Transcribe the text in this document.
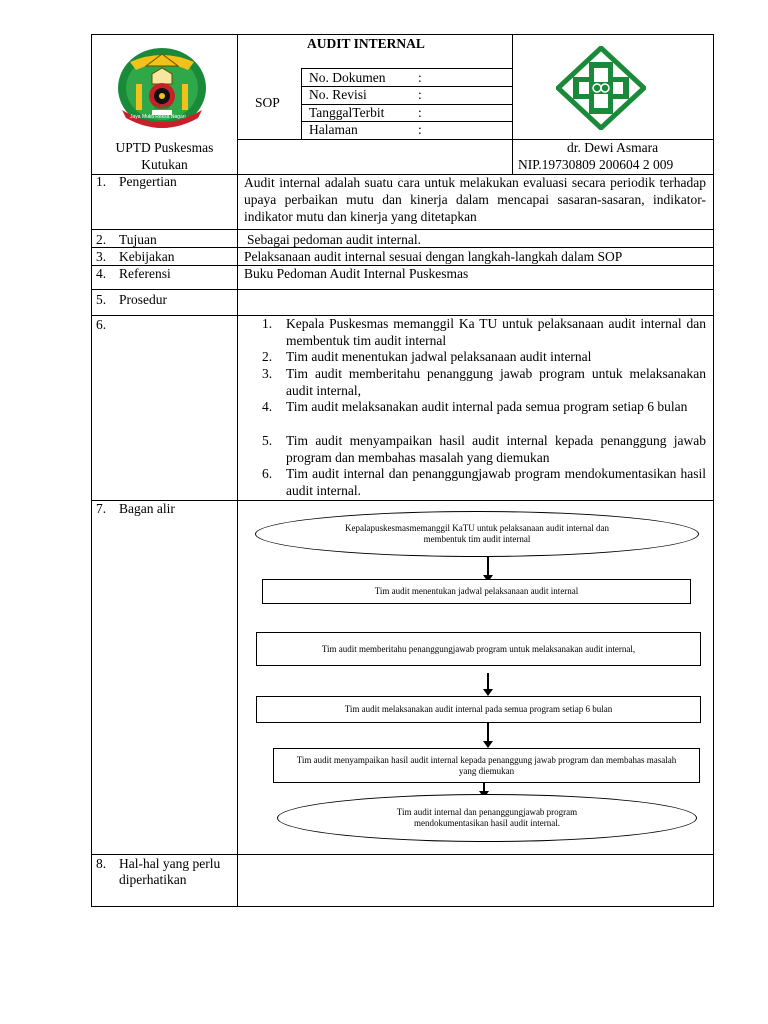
BLORA
Jaya Mukti Reksa Nagari
AUDIT INTERNAL
SOP
No. Dokumen :
No. Revisi	:
TanggalTerbit :
Halaman	:
UPTD Puskesmas
Kutukan
dr. Dewi Asmara
NIP.19730809 200604 2 009
1. Pengertian	Audit internal adalah suatu cara untuk melakukan evaluasi secara periodik terhadap upaya perbaikan mutu dan kinerja dalam mencapai sasaran-sasaran, indikator-indikator mutu dan kinerja yang ditetapkan
2. Tujuan	Sebagai pedoman audit internal.
3. Kebijakan	Pelaksanaan audit internal sesuai dengan langkah-langkah dalam SOP
4. Referensi	Buku Pedoman Audit Internal Puskesmas
5. Prosedur
6.	1. Kepala Puskesmas memanggil Ka TU untuk pelaksanaan audit internal dan membentuk tim audit internal
2. Tim audit menentukan jadwal pelaksanaan audit internal
3. Tim audit memberitahu penanggung jawab program untuk melaksanakan audit internal,
4. Tim audit melaksanakan audit internal pada semua program setiap 6 bulan
5. Tim audit menyampaikan hasil audit internal kepada penanggung jawab program dan membahas masalah yang diemukan
6. Tim audit internal dan penanggungjawab program mendokumentasikan hasil audit internal.
7. Bagan alir
Kepalapuskesmasmemanggil KaTU untuk pelaksanaan audit internal dan membentuk tim audit internal
Tim audit menentukan jadwal pelaksanaan audit internal
Tim audit memberitahu penanggungjawab program untuk melaksanakan audit internal,
Tim audit melaksanakan audit internal pada semua program setiap 6 bulan
Tim audit menyampaikan hasil audit internal kepada penanggung jawab program dan membahas masalah yang diemukan
Tim audit internal dan penanggungjawab program mendokumentasikan hasil audit internal.
8. Hal-hal yang perlu
diperhatikan
